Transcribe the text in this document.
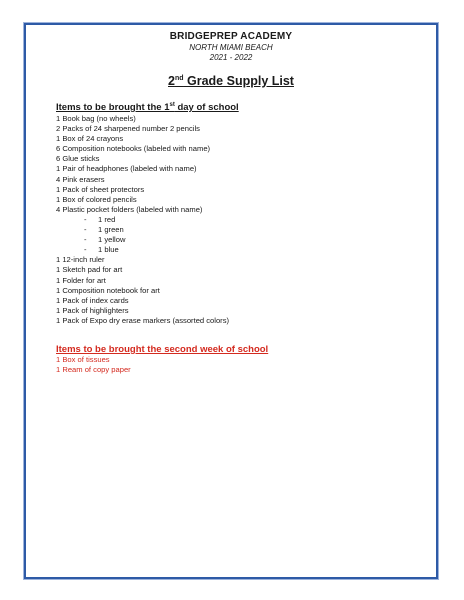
BRIDGEPREP ACADEMY
NORTH MIAMI BEACH
2021 - 2022
2nd Grade Supply List
Items to be brought the 1st day of school
1 Book bag (no wheels)
2 Packs of 24 sharpened number 2 pencils
1 Box of 24 crayons
6 Composition notebooks (labeled with name)
6 Glue sticks
1 Pair of headphones (labeled with name)
4 Pink erasers
1 Pack of sheet protectors
1 Box of colored pencils
4 Plastic pocket folders (labeled with name)
- 1 red
- 1 green
- 1 yellow
- 1 blue
1 12-inch ruler
1 Sketch pad for art
1 Folder for art
1 Composition notebook for art
1 Pack of index cards
1 Pack of highlighters
1 Pack of Expo dry erase markers (assorted colors)
Items to be brought the second week of school
1 Box of tissues
1 Ream of copy paper
